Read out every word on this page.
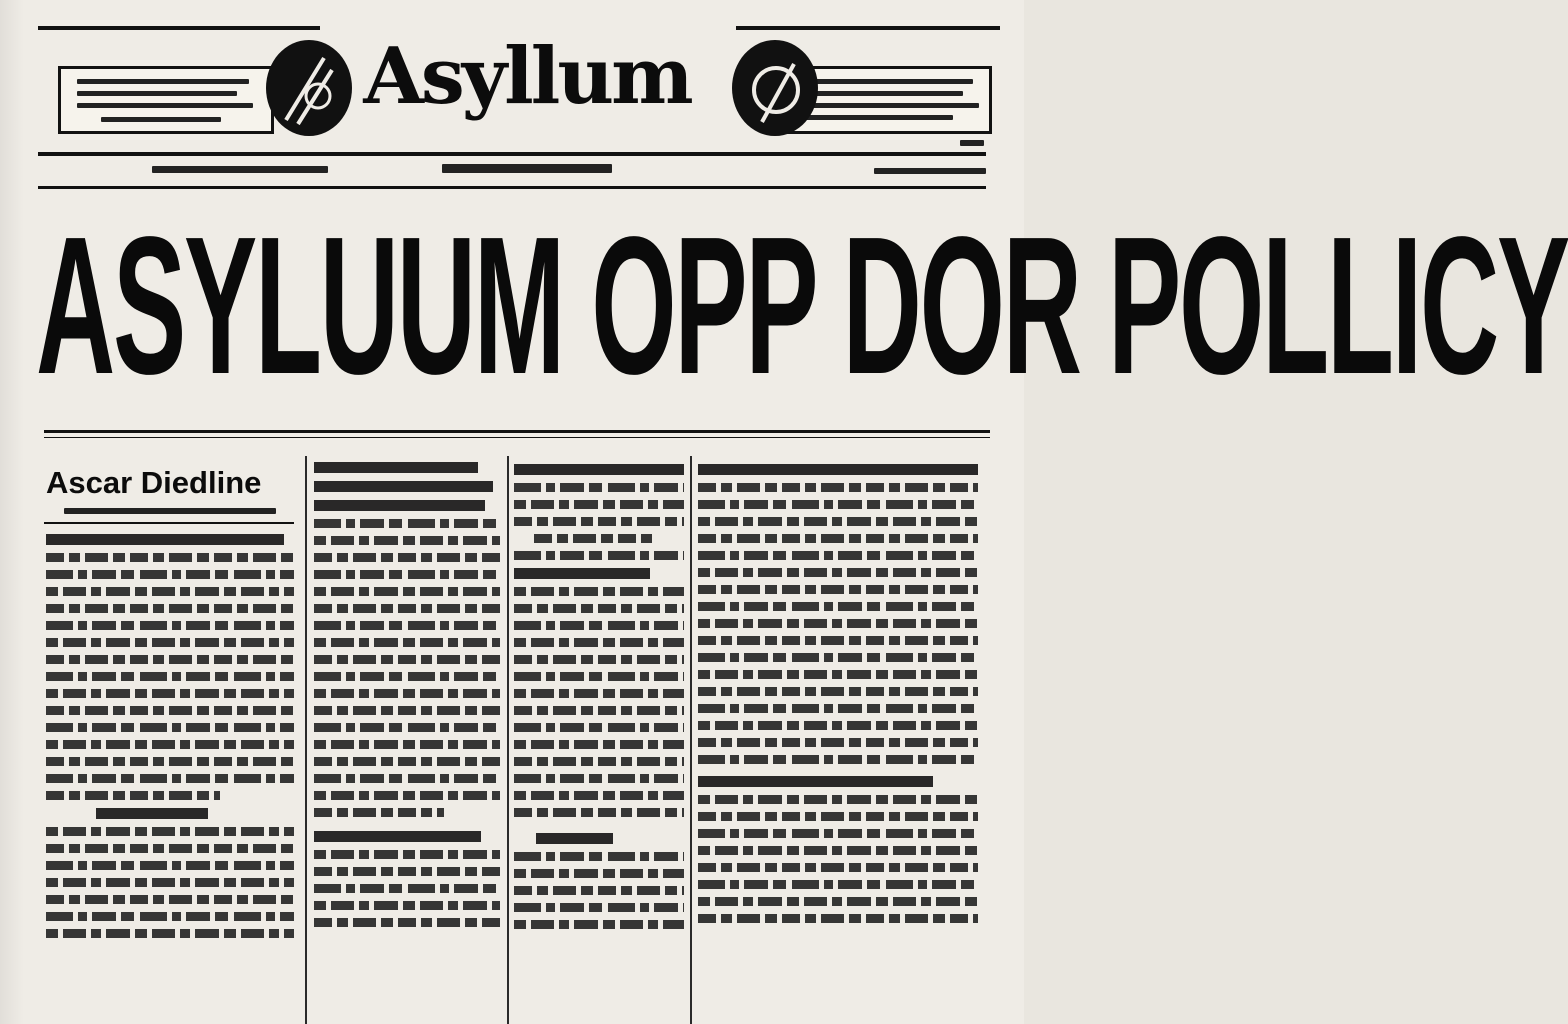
Asyllum
ASYLUUM OPP DOR POLLICY
Ascar Diedline
